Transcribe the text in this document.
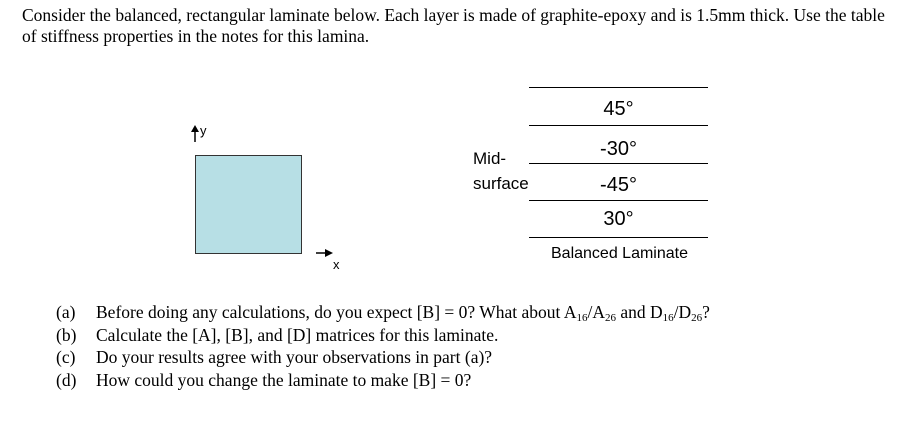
Consider the balanced, rectangular laminate below. Each layer is made of graphite-epoxy and is 1.5mm thick. Use the table of stiffness properties in the notes for this lamina.
y
x
Mid-
surface
45°
-30°
-45°
30°
Balanced Laminate
(a) Before doing any calculations, do you expect [B] = 0? What about $A_{16}/A_{26}$ and $D_{16}/D_{26}$?
(b) Calculate the [A], [B], and [D] matrices for this laminate.
(c) Do your results agree with your observations in part (a)?
(d) How could you change the laminate to make [B] = 0?
